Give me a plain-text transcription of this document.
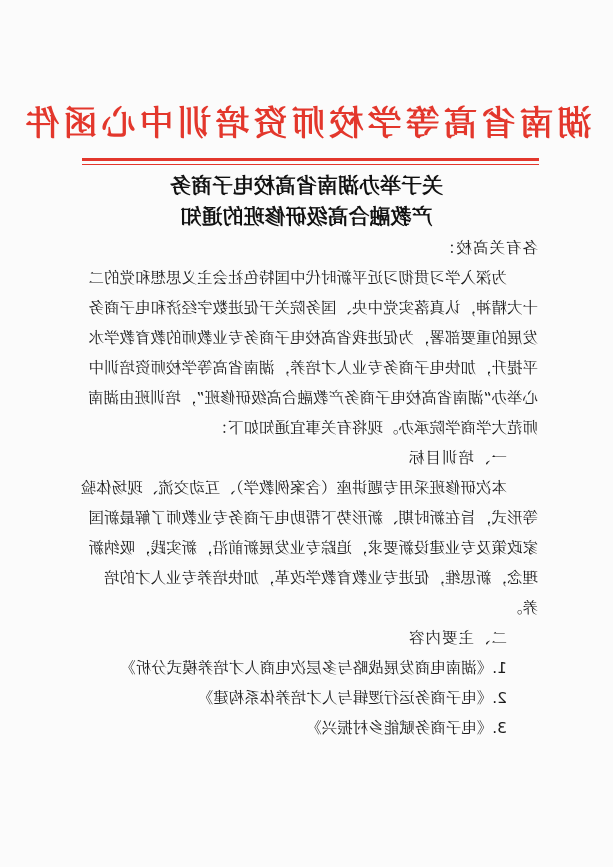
湖南省高等学校师资培训中心函件
关于举办湖南省高校电子商务
产教融合高级研修班的通知

各有关高校：

为深入学习贯彻习近平新时代中国特色社会主义思想和党的二十大精神，认真落实党中央、国务院关于促进数字经济和电子商务发展的重要部署，为促进我省高校电子商务专业教师的教育教学水平提升，加快电子商务专业人才培养，湖南省高等学校师资培训中心举办“湖南省高校电子商务产教融合高级研修班”，培训班由湖南师范大学商学院承办。现将有关事宜通知如下：

一、培训目标

本次研修班采用专题讲座（含案例教学）、互动交流、现场体验等形式，旨在新时期、新形势下帮助电子商务专业教师了解最新国家政策及专业建设新要求，追踪专业发展新前沿，新实践，吸纳新理念，新思维，促进专业教育教学改革，加快培养专业人才的培养。

二、主要内容

1.《湖南电商发展战略与多层次电商人才培养模式分析》

2.《电子商务运行逻辑与人才培养体系构建》

3.《电子商务赋能乡村振兴》
